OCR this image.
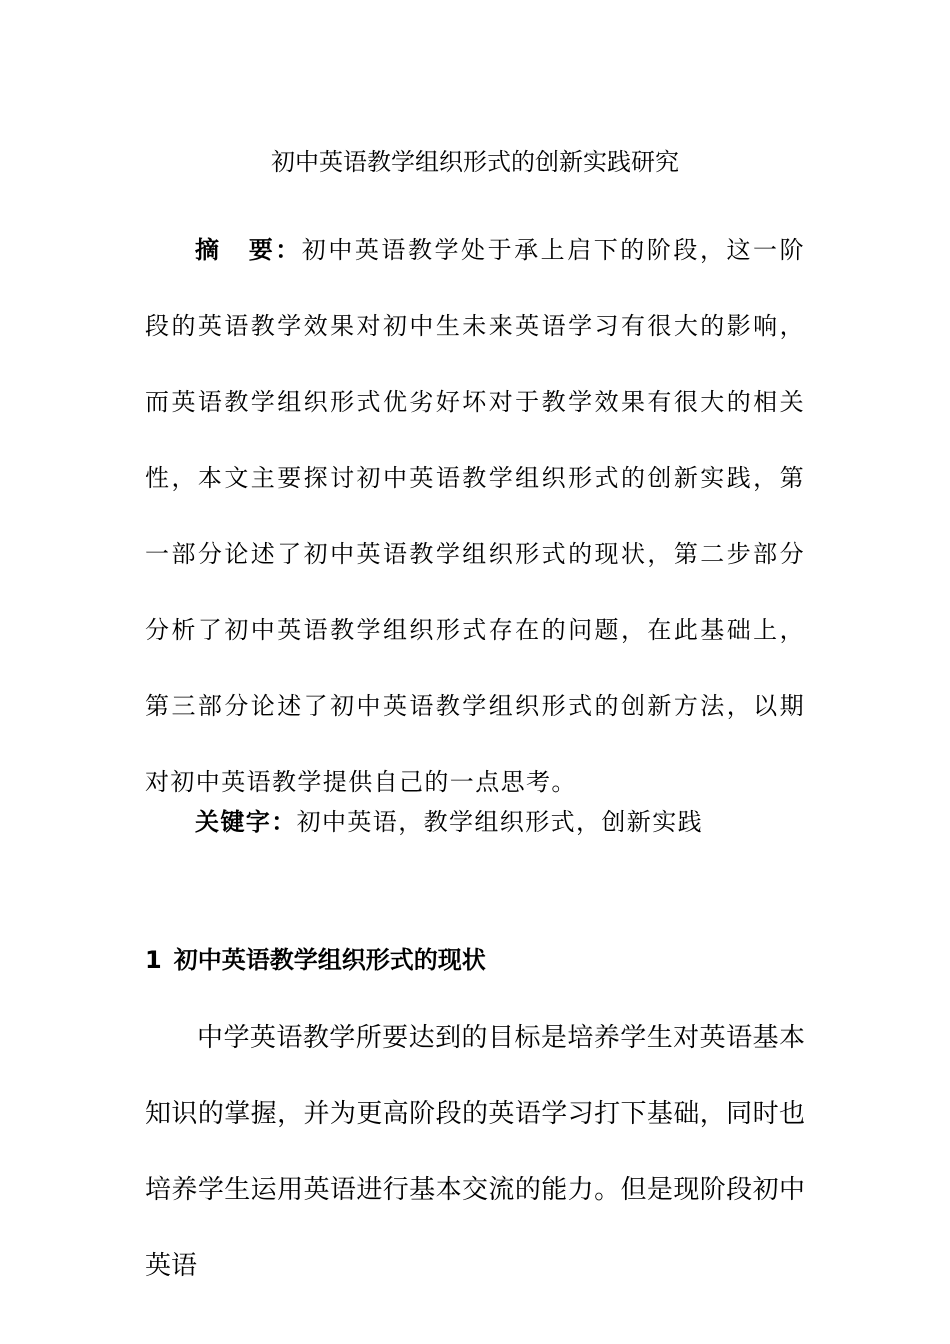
初中英语教学组织形式的创新实践研究

摘 要：初中英语教学处于承上启下的阶段，这一阶段的英语教学效果对初中生未来英语学习有很大的影响，而英语教学组织形式优劣好坏对于教学效果有很大的相关性，本文主要探讨初中英语教学组织形式的创新实践，第一部分论述了初中英语教学组织形式的现状，第二步部分分析了初中英语教学组织形式存在的问题，在此基础上，第三部分论述了初中英语教学组织形式的创新方法，以期对初中英语教学提供自己的一点思考。

关键字：初中英语，教学组织形式，创新实践

1 初中英语教学组织形式的现状

中学英语教学所要达到的目标是培养学生对英语基本知识的掌握，并为更高阶段的英语学习打下基础，同时也培养学生运用英语进行基本交流的能力。但是现阶段初中英语
